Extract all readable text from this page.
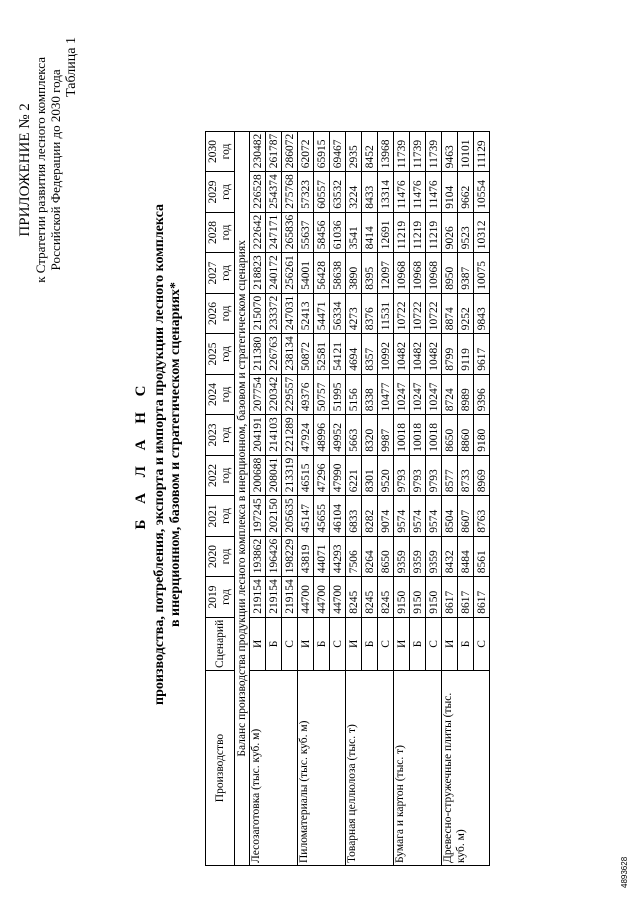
ПРИЛОЖЕНИЕ № 2 к Стратегии развития лесного комплекса Российской Федерации до 2030 года
Таблица 1
Б А Л А Н С производства, потребления, экспорта и импорта продукции лесного комплекса в инерционном, базовом и стратегическом сценариях*
Производство	Сценарий	2019 год	2020 год	2021 год	2022 год	2023 год	2024 год	2025 год	2026 год	2027 год	2028 год	2029 год	2030 год
Баланс производства продукции лесного комплекса в инерционном, базовом и стратегическом сценариях													
Лесозаготовка (тыс. куб. м)	И	219154	193862	197245	200688	204191	207754	211380	215070	218823	222642	226528	230482
	Б	219154	196426	202150	208041	214103	220342	226763	233372	240172	247171	254374	261787
	С	219154	198229	205635	213319	221289	229557	238134	247031	256261	265836	275768	286072
Пиломатериалы (тыс. куб. м)	И	44700	43819	45147	46515	47924	49376	50872	52413	54001	55637	57323	62072
	Б	44700	44071	45655	47296	48996	50757	52581	54471	56428	58456	60557	65915
	С	44700	44293	46104	47990	49952	51995	54121	56334	58638	61036	63532	69467
Товарная целлюлоза (тыс. т)	И	8245	7506	6833	6221	5663	5156	4694	4273	3890	3541	3224	2935
	Б	8245	8264	8282	8301	8320	8338	8357	8376	8395	8414	8433	8452
	С	8245	8650	9074	9520	9987	10477	10992	11531	12097	12691	13314	13968
Бумага и картон (тыс. т)	И	9150	9359	9574	9793	10018	10247	10482	10722	10968	11219	11476	11739
	Б	9150	9359	9574	9793	10018	10247	10482	10722	10968	11219	11476	11739
	С	9150	9359	9574	9793	10018	10247	10482	10722	10968	11219	11476	11739
Древесно-стружечные плиты (тыс. куб. м)	И	8617	8432	8504	8577	8650	8724	8799	8874	8950	9026	9104	9463
	Б	8617	8484	8607	8733	8860	8989	9119	9252	9387	9523	9662	10101
	С	8617	8561	8763	8969	9180	9396	9617	9843	10075	10312	10554	11129
4893628
